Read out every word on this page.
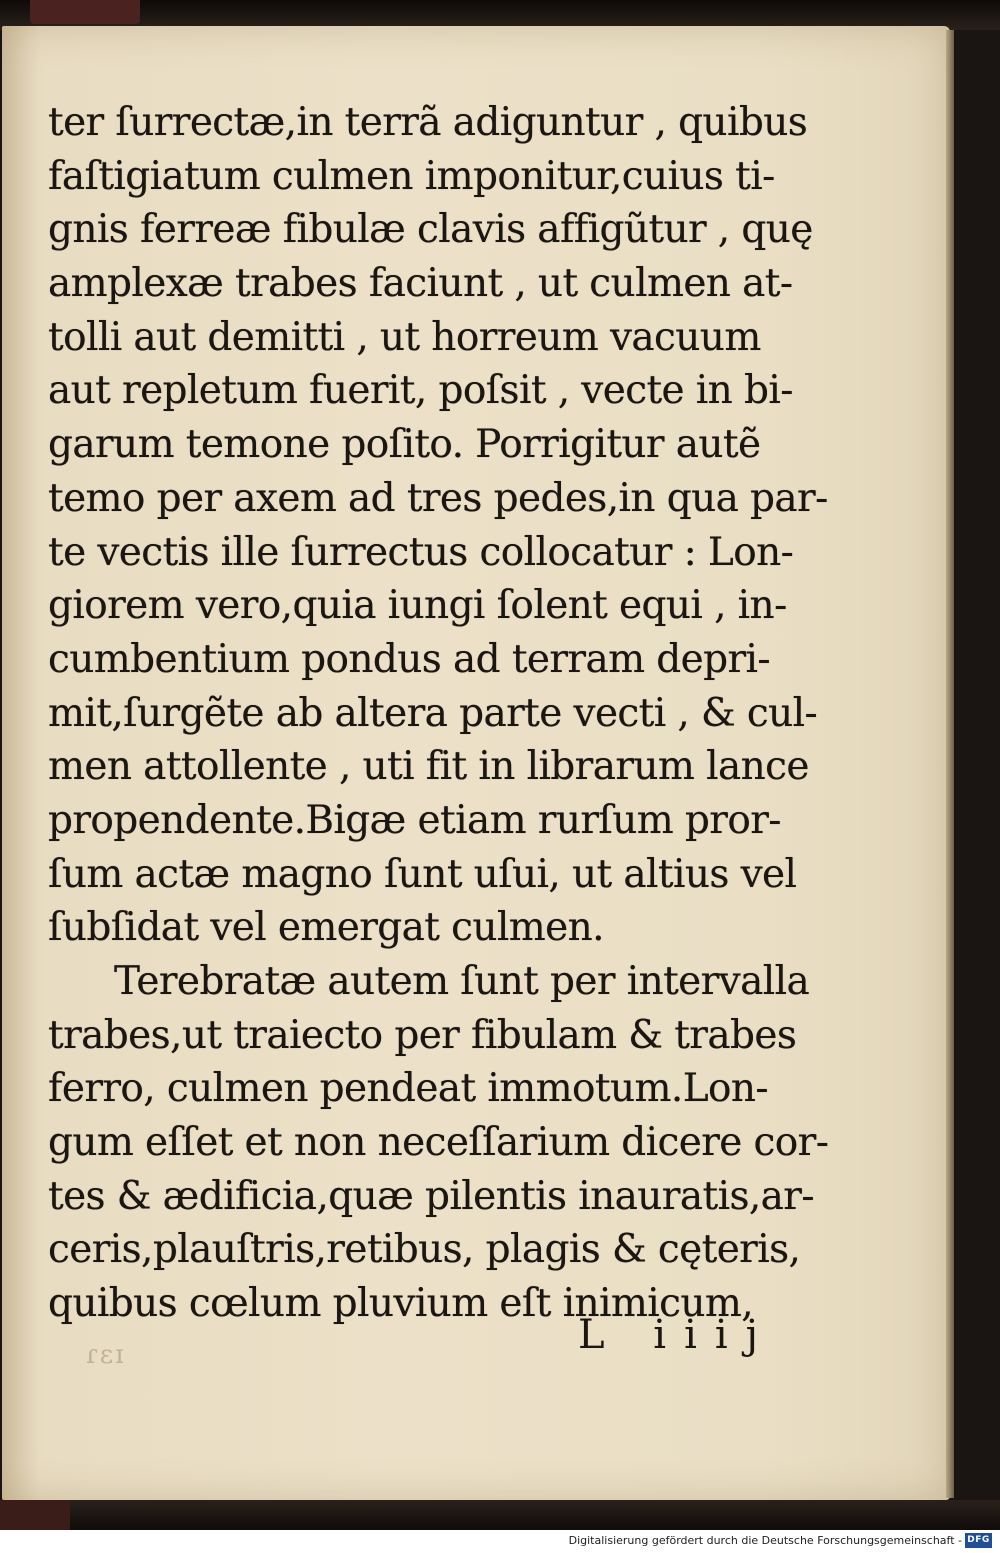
ter ſurrectæ,in terrã adiguntur , quibus
faſtigiatum culmen imponitur,cuius ti-
gnis ferreæ fibulæ clavis affigũtur , quę
amplexæ trabes faciunt , ut culmen at-
tolli aut demitti , ut horreum vacuum
aut repletum fuerit, poſsit , vecte in bi-
garum temone poſito. Porrigitur autẽ
temo per axem ad tres pedes,in qua par-
te vectis ille ſurrectus collocatur : Lon-
giorem vero,quia iungi ſolent equi , in-
cumbentium pondus ad terram depri-
mit,ſurgẽte ab altera parte vecti , & cul-
men attollente , uti fit in librarum lance
propendente.Bigæ etiam rurſum pror-
ſum actæ magno ſunt uſui, ut altius vel
ſubſidat vel emergat culmen.
Terebratæ autem ſunt per intervalla
trabes,ut traiecto per fibulam & trabes
ferro, culmen pendeat immotum.Lon-
gum eſſet et non neceſſarium dicere cor-
tes & ædificia,quæ pilentis inauratis,ar-
ceris,plauſtris,retibus, plagis & cęteris,
quibus cœlum pluvium eſt inimicum,
ɾɛɪ	L iiij
Digitalisierung gefördert durch die Deutsche Forschungsgemeinschaft - DFG
